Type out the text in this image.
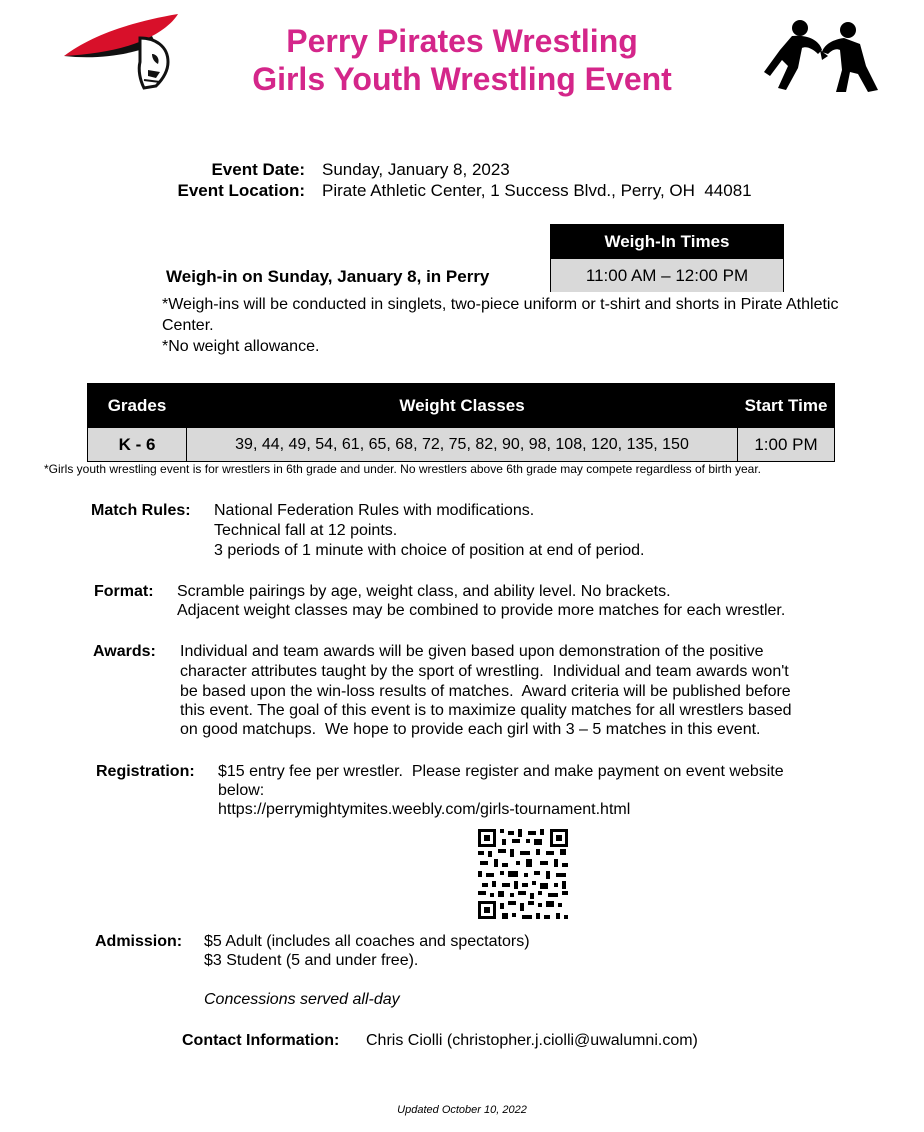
Perry Pirates Wrestling
Girls Youth Wrestling Event
Event Date: Sunday, January 8, 2023
Event Location: Pirate Athletic Center, 1 Success Blvd., Perry, OH  44081
Weigh-In Times
11:00 AM – 12:00 PM
Weigh-in on Sunday, January 8, in Perry
*Weigh-ins will be conducted in singlets, two-piece uniform or t-shirt and shorts in Pirate Athletic Center.
*No weight allowance.
Grades	Weight Classes	Start Time
K - 6	39, 44, 49, 54, 61, 65, 68, 72, 75, 82, 90, 98, 108, 120, 135, 150	1:00 PM
*Girls youth wrestling event is for wrestlers in 6th grade and under. No wrestlers above 6th grade may compete regardless of birth year.
Match Rules: National Federation Rules with modifications.
Technical fall at 12 points.
3 periods of 1 minute with choice of position at end of period.
Format: Scramble pairings by age, weight class, and ability level. No brackets.
Adjacent weight classes may be combined to provide more matches for each wrestler.
Awards: Individual and team awards will be given based upon demonstration of the positive
character attributes taught by the sport of wrestling.  Individual and team awards won't
be based upon the win-loss results of matches.  Award criteria will be published before
this event. The goal of this event is to maximize quality matches for all wrestlers based
on good matchups.  We hope to provide each girl with 3 – 5 matches in this event.
Registration: $15 entry fee per wrestler.  Please register and make payment on event website
below:
https://perrymightymites.weebly.com/girls-tournament.html
Admission: $5 Adult (includes all coaches and spectators)
$3 Student (5 and under free).
Concessions served all-day
Contact Information: Chris Ciolli (christopher.j.ciolli@uwalumni.com)
Updated October 10, 2022
